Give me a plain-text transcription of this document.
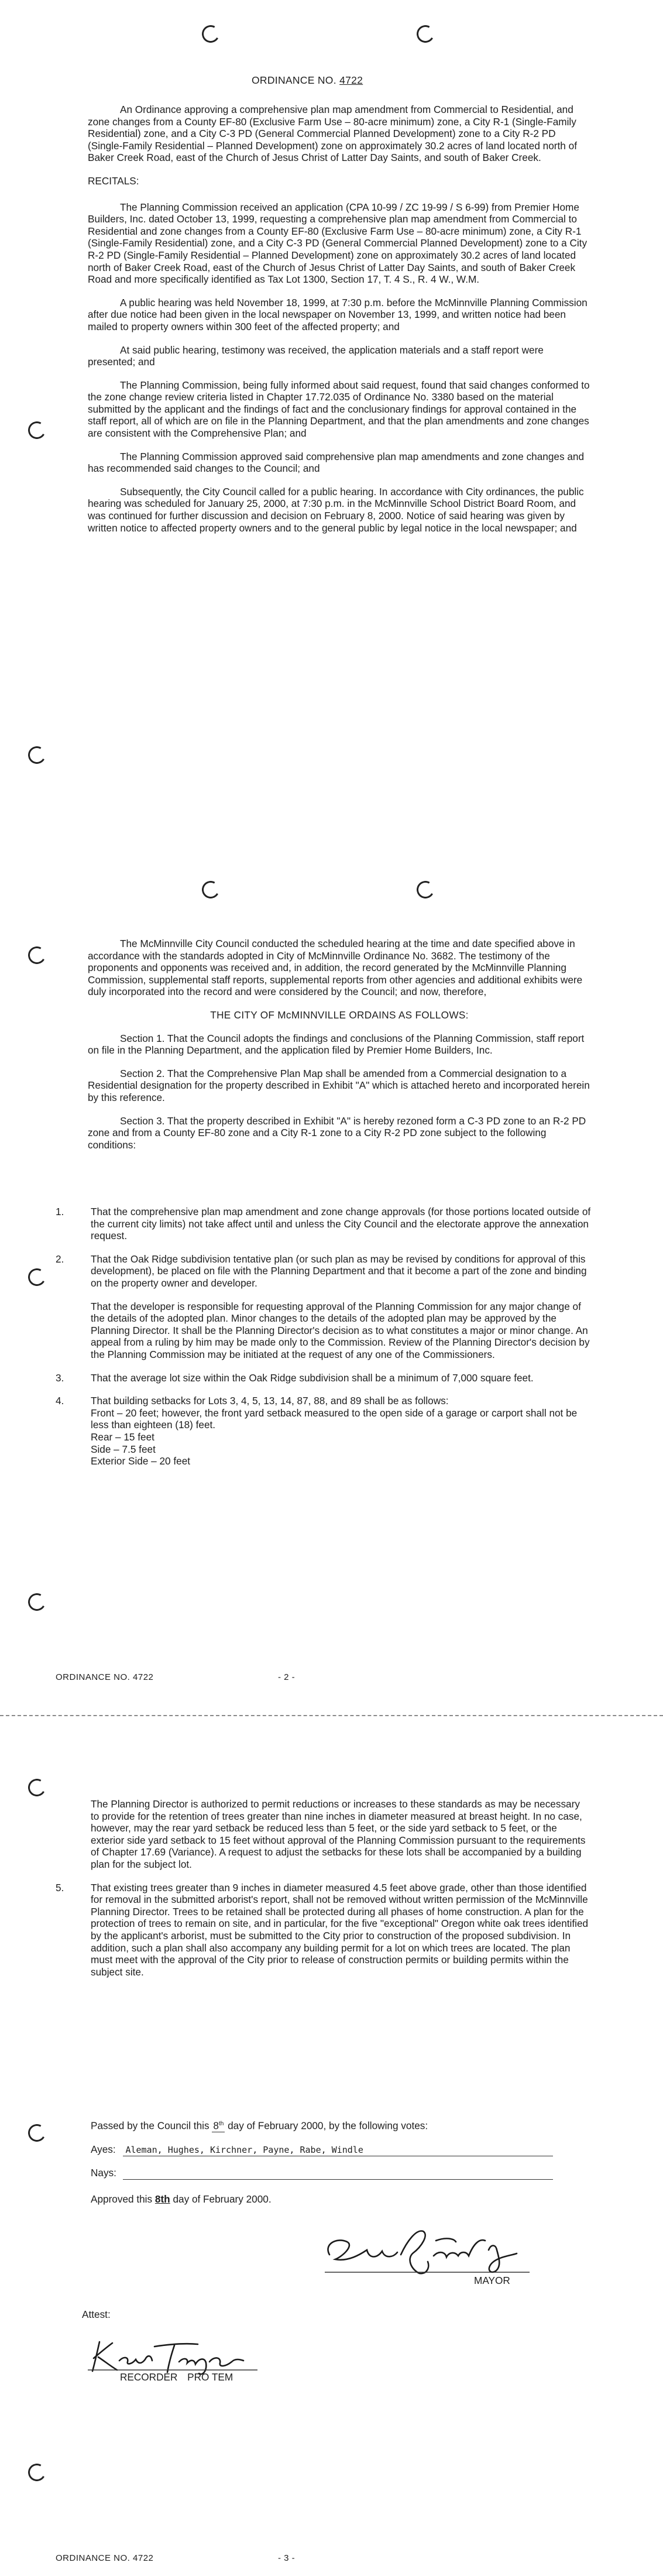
ORDINANCE NO. 4722

An Ordinance approving a comprehensive plan map amendment from Commercial to Residential, and zone changes from a County EF-80 (Exclusive Farm Use – 80-acre minimum) zone, a City R-1 (Single-Family Residential) zone, and a City C-3 PD (General Commercial Planned Development) zone to a City R-2 PD (Single-Family Residential – Planned Development) zone on approximately 30.2 acres of land located north of Baker Creek Road, east of the Church of Jesus Christ of Latter Day Saints, and south of Baker Creek.

RECITALS:

The Planning Commission received an application (CPA 10-99 / ZC 19-99 / S 6-99) from Premier Home Builders, Inc. dated October 13, 1999, requesting a comprehensive plan map amendment from Commercial to Residential and zone changes from a County EF-80 (Exclusive Farm Use – 80-acre minimum) zone, a City R-1 (Single-Family Residential) zone, and a City C-3 PD (General Commercial Planned Development) zone to a City R-2 PD (Single-Family Residential – Planned Development) zone on approximately 30.2 acres of land located north of Baker Creek Road, east of the Church of Jesus Christ of Latter Day Saints, and south of Baker Creek Road and more specifically identified as Tax Lot 1300, Section 17, T. 4 S., R. 4 W., W.M.

A public hearing was held November 18, 1999, at 7:30 p.m. before the McMinnville Planning Commission after due notice had been given in the local newspaper on November 13, 1999, and written notice had been mailed to property owners within 300 feet of the affected property; and

At said public hearing, testimony was received, the application materials and a staff report were presented; and

The Planning Commission, being fully informed about said request, found that said changes conformed to the zone change review criteria listed in Chapter 17.72.035 of Ordinance No. 3380 based on the material submitted by the applicant and the findings of fact and the conclusionary findings for approval contained in the staff report, all of which are on file in the Planning Department, and that the plan amendments and zone changes are consistent with the Comprehensive Plan; and

The Planning Commission approved said comprehensive plan map amendments and zone changes and has recommended said changes to the Council; and

Subsequently, the City Council called for a public hearing. In accordance with City ordinances, the public hearing was scheduled for January 25, 2000, at 7:30 p.m. in the McMinnville School District Board Room, and was continued for further discussion and decision on February 8, 2000. Notice of said hearing was given by written notice to affected property owners and to the general public by legal notice in the local newspaper; and

The McMinnville City Council conducted the scheduled hearing at the time and date specified above in accordance with the standards adopted in City of McMinnville Ordinance No. 3682. The testimony of the proponents and opponents was received and, in addition, the record generated by the McMinnville Planning Commission, supplemental staff reports, supplemental reports from other agencies and additional exhibits were duly incorporated into the record and were considered by the Council; and now, therefore,

THE CITY OF McMINNVILLE ORDAINS AS FOLLOWS:

Section 1. That the Council adopts the findings and conclusions of the Planning Commission, staff report on file in the Planning Department, and the application filed by Premier Home Builders, Inc.

Section 2. That the Comprehensive Plan Map shall be amended from a Commercial designation to a Residential designation for the property described in Exhibit "A" which is attached hereto and incorporated herein by this reference.

Section 3. That the property described in Exhibit "A" is hereby rezoned form a C-3 PD zone to an R-2 PD zone and from a County EF-80 zone and a City R-1 zone to a City R-2 PD zone subject to the following conditions:

1.	That the comprehensive plan map amendment and zone change approvals (for those portions located outside of the current city limits) not take affect until and unless the City Council and the electorate approve the annexation request.
2.	That the Oak Ridge subdivision tentative plan (or such plan as may be revised by conditions for approval of this development), be placed on file with the Planning Department and that it become a part of the zone and binding on the property owner and developer.
That the developer is responsible for requesting approval of the Planning Commission for any major change of the details of the adopted plan. Minor changes to the details of the adopted plan may be approved by the Planning Director. It shall be the Planning Director's decision as to what constitutes a major or minor change. An appeal from a ruling by him may be made only to the Commission. Review of the Planning Director's decision by the Planning Commission may be initiated at the request of any one of the Commissioners.
3.	That the average lot size within the Oak Ridge subdivision shall be a minimum of 7,000 square feet.
4.	That building setbacks for Lots 3, 4, 5, 13, 14, 87, 88, and 89 shall be as follows:
Front – 20 feet; however, the front yard setback measured to the open side of a garage or carport shall not be less than eighteen (18) feet.
Rear – 15 feet
Side – 7.5 feet
Exterior Side – 20 feet
ORDINANCE NO. 4722	- 2 -
The Planning Director is authorized to permit reductions or increases to these standards as may be necessary to provide for the retention of trees greater than nine inches in diameter measured at breast height. In no case, however, may the rear yard setback be reduced less than 5 feet, or the side yard setback to 5 feet, or the exterior side yard setback to 15 feet without approval of the Planning Commission pursuant to the requirements of Chapter 17.69 (Variance). A request to adjust the setbacks for these lots shall be accompanied by a building plan for the subject lot.
5.	That existing trees greater than 9 inches in diameter measured 4.5 feet above grade, other than those identified for removal in the submitted arborist's report, shall not be removed without written permission of the McMinnville Planning Director. Trees to be retained shall be protected during all phases of home construction. A plan for the protection of trees to remain on site, and in particular, for the five "exceptional" Oregon white oak trees identified by the applicant's arborist, must be submitted to the City prior to construction of the proposed subdivision. In addition, such a plan shall also accompany any building permit for a lot on which trees are located. The plan must meet with the approval of the City prior to release of construction permits or building permits within the subject site.
Passed by the Council this 8th day of February 2000, by the following votes:
Ayes: Aleman, Hughes, Kirchner, Payne, Rabe, Windle
Nays:
Approved this 8th day of February 2000.
MAYOR
Attest:
RECORDER PRO TEM
ORDINANCE NO. 4722	- 3 -
